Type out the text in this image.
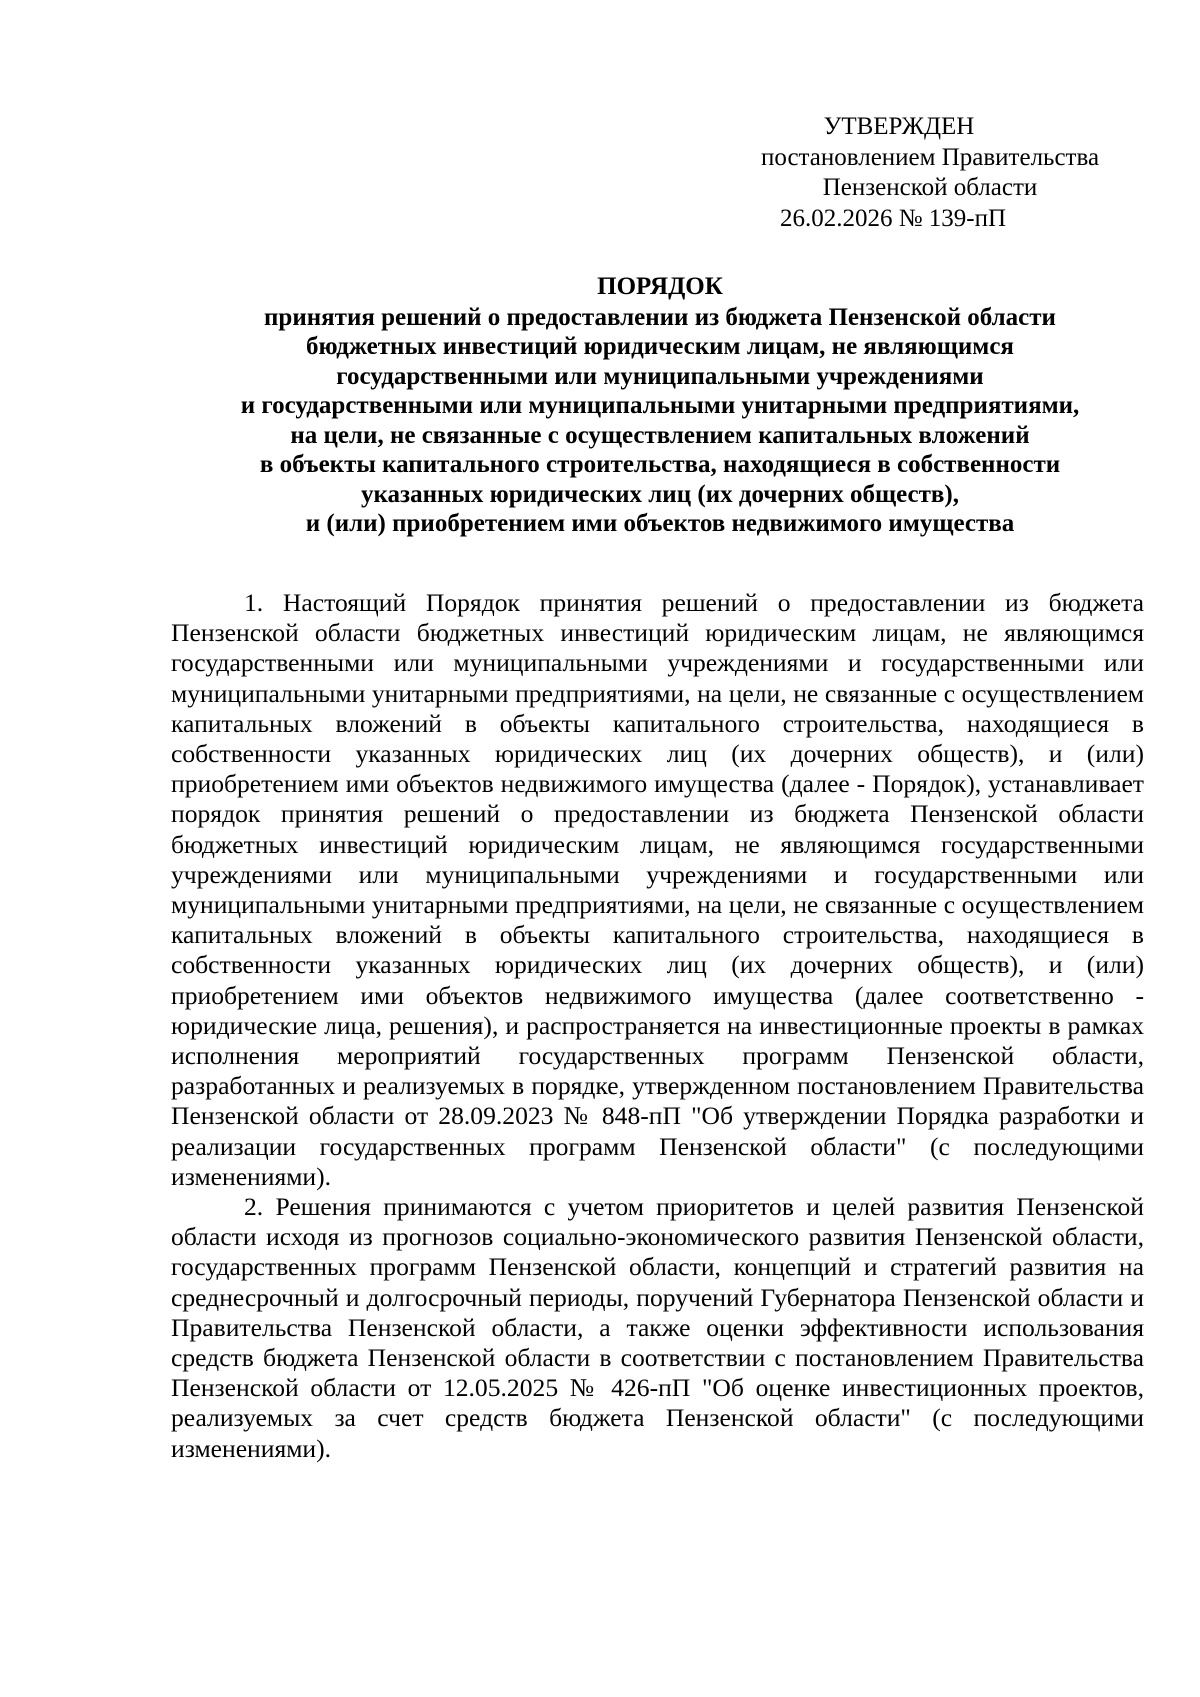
УТВЕРЖДЕН
постановлением Правительства
Пензенской области
26.02.2026 № 139-пП
ПОРЯДОК
принятия решений о предоставлении из бюджета Пензенской области
бюджетных инвестиций юридическим лицам, не являющимся
государственными или муниципальными учреждениями
и государственными или муниципальными унитарными предприятиями,
на цели, не связанные с осуществлением капитальных вложений
в объекты капитального строительства, находящиеся в собственности
указанных юридических лиц (их дочерних обществ),
и (или) приобретением ими объектов недвижимого имущества

1. Настоящий Порядок принятия решений о предоставлении из бюджета Пензенской области бюджетных инвестиций юридическим лицам, не являющимся государственными или муниципальными учреждениями и государственными или муниципальными унитарными предприятиями, на цели, не связанные с осуществлением капитальных вложений в объекты капитального строительства, находящиеся в собственности указанных юридических лиц (их дочерних обществ), и (или) приобретением ими объектов недвижимого имущества (далее - Порядок), устанавливает порядок принятия решений о предоставлении из бюджета Пензенской области бюджетных инвестиций юридическим лицам, не являющимся государственными учреждениями или муниципальными учреждениями и государственными или муниципальными унитарными предприятиями, на цели, не связанные с осуществлением капитальных вложений в объекты капитального строительства, находящиеся в собственности указанных юридических лиц (их дочерних обществ), и (или) приобретением ими объектов недвижимого имущества (далее соответственно - юридические лица, решения), и распространяется на инвестиционные проекты в рамках исполнения мероприятий государственных программ Пензенской области, разработанных и реализуемых в порядке, утвержденном постановлением Правительства Пензенской области от 28.09.2023 № 848-пП "Об утверждении Порядка разработки и реализации государственных программ Пензенской области" (с последующими изменениями).

2. Решения принимаются с учетом приоритетов и целей развития Пензенской области исходя из прогнозов социально-экономического развития Пензенской области, государственных программ Пензенской области, концепций и стратегий развития на среднесрочный и долгосрочный периоды, поручений Губернатора Пензенской области и Правительства Пензенской области, а также оценки эффективности использования средств бюджета Пензенской области в соответствии с постановлением Правительства Пензенской области от 12.05.2025 № 426-пП "Об оценке инвестиционных проектов, реализуемых за счет средств бюджета Пензенской области" (с последующими изменениями).
